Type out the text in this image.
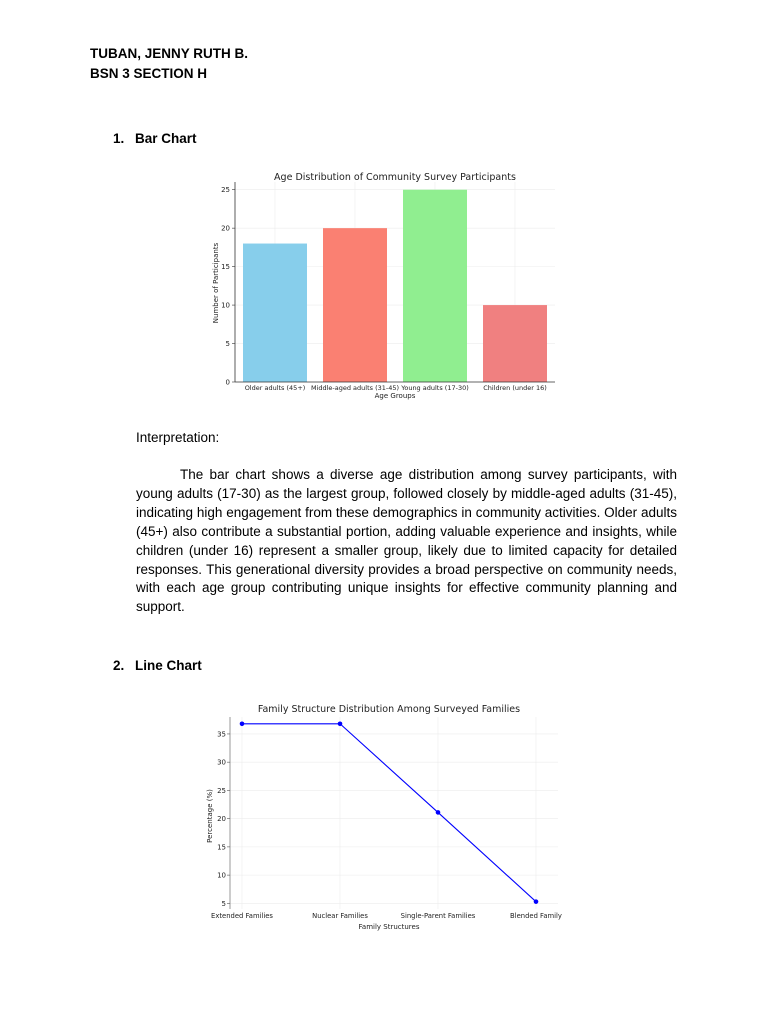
TUBAN, JENNY RUTH B.
BSN 3 SECTION H
1. Bar Chart
Age Distribution of Community Survey Participants
0
5
10
15
20
25
Older adults (45+) Middle-aged adults (31-45) Young adults (17-30) Children (under 16)
Age Groups
Number of Participants
Interpretation:

The bar chart shows a diverse age distribution among survey participants, with young adults (17-30) as the largest group, followed closely by middle-aged adults (31-45), indicating high engagement from these demographics in community activities. Older adults (45+) also contribute a substantial portion, adding valuable experience and insights, while children (under 16) represent a smaller group, likely due to limited capacity for detailed responses. This generational diversity provides a broad perspective on community needs, with each age group contributing unique insights for effective community planning and support.

2. Line Chart
Family Structure Distribution Among Surveyed Families
5
10
15
20
25
30
35
Extended Families	Nuclear Families	Single-Parent Families	Blended Family
Family Structures
Percentage (%)
